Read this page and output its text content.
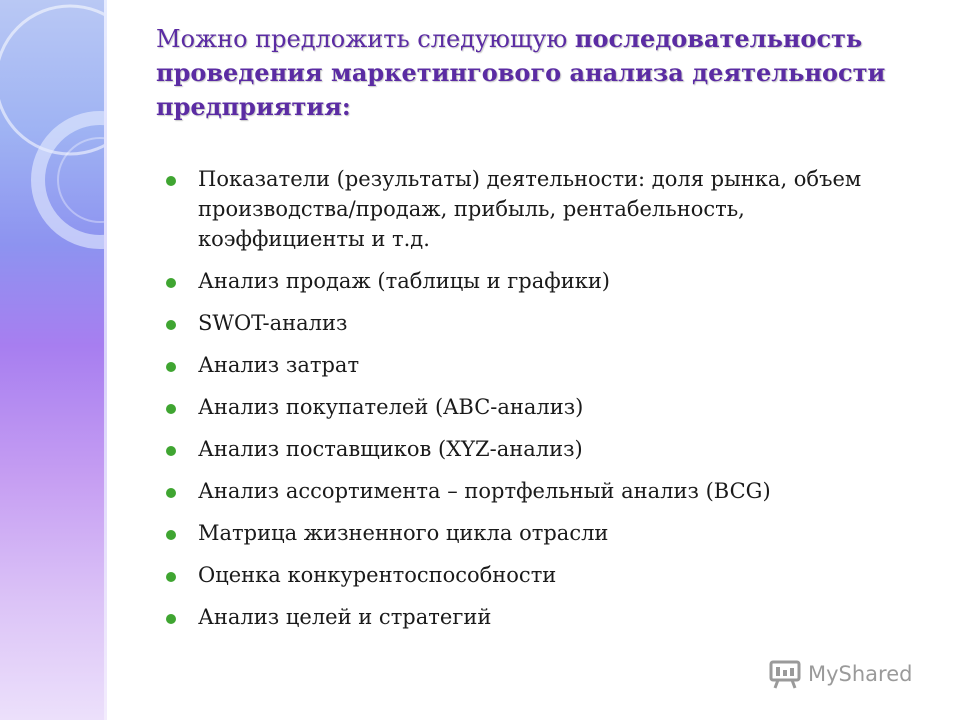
Можно предложить следующую последовательность проведения маркетингового анализа деятельности предприятия:
Показатели (результаты) деятельности: доля рынка, объем производства/продаж, прибыль, рентабельность, коэффициенты и т.д.
Анализ продаж (таблицы и графики)
SWOT-анализ
Анализ затрат
Анализ покупателей (ABC-анализ)
Анализ поставщиков (XYZ-анализ)
Анализ ассортимента – портфельный анализ (BCG)
Матрица жизненного цикла отрасли
Оценка конкурентоспособности
Анализ целей и стратегий
MyShared
